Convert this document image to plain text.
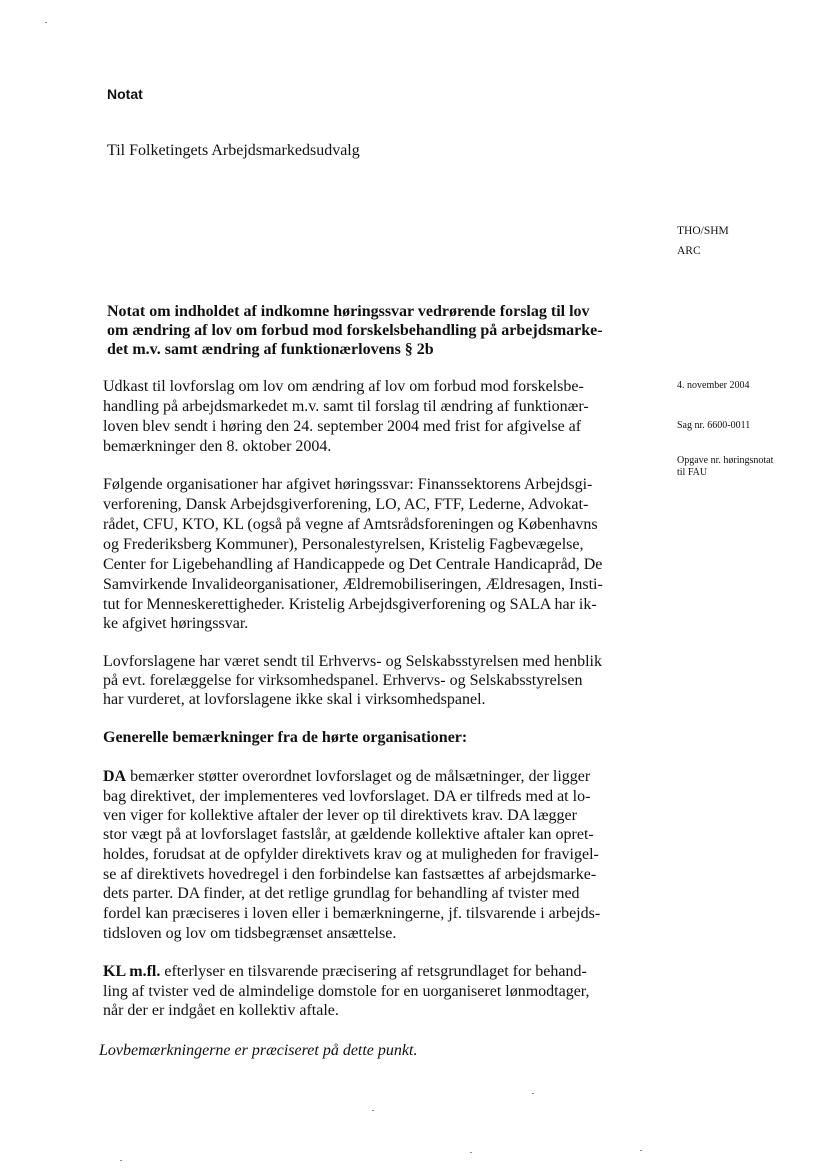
Notat
Til Folketingets Arbejdsmarkedsudvalg
THO/SHM
ARC
4. november 2004
Sag nr. 6600-0011
Opgave nr. høringsnotat
til FAU
Notat om indholdet af indkomne høringssvar vedrørende forslag til lov
om ændring af lov om forbud mod forskelsbehandling på arbejdsmarke-
det m.v. samt ændring af funktionærlovens § 2b
Udkast til lovforslag om lov om ændring af lov om forbud mod forskelsbe-
handling på arbejdsmarkedet m.v. samt til forslag til ændring af funktionær-
loven blev sendt i høring den 24. september 2004 med frist for afgivelse af
bemærkninger den 8. oktober 2004.
Følgende organisationer har afgivet høringssvar: Finanssektorens Arbejdsgi-
verforening, Dansk Arbejdsgiverforening, LO, AC, FTF, Lederne, Advokat-
rådet, CFU, KTO, KL (også på vegne af Amtsrådsforeningen og Københavns
og Frederiksberg Kommuner), Personalestyrelsen, Kristelig Fagbevægelse,
Center for Ligebehandling af Handicappede og Det Centrale Handicapråd, De
Samvirkende Invalideorganisationer, Ældremobiliseringen, Ældresagen, Insti-
tut for Menneskerettigheder. Kristelig Arbejdsgiverforening og SALA har ik-
ke afgivet høringssvar.
Lovforslagene har været sendt til Erhvervs- og Selskabsstyrelsen med henblik
på evt. forelæggelse for virksomhedspanel. Erhvervs- og Selskabsstyrelsen
har vurderet, at lovforslagene ikke skal i virksomhedspanel.
Generelle bemærkninger fra de hørte organisationer:
DA bemærker støtter overordnet lovforslaget og de målsætninger, der ligger
bag direktivet, der implementeres ved lovforslaget. DA er tilfreds med at lo-
ven viger for kollektive aftaler der lever op til direktivets krav. DA lægger
stor vægt på at lovforslaget fastslår, at gældende kollektive aftaler kan opret-
holdes, forudsat at de opfylder direktivets krav og at muligheden for fravigel-
se af direktivets hovedregel i den forbindelse kan fastsættes af arbejdsmarke-
dets parter. DA finder, at det retlige grundlag for behandling af tvister med
fordel kan præciseres i loven eller i bemærkningerne, jf. tilsvarende i arbejds-
tidsloven og lov om tidsbegrænset ansættelse.
KL m.fl. efterlyser en tilsvarende præcisering af retsgrundlaget for behand-
ling af tvister ved de almindelige domstole for en uorganiseret lønmodtager,
når der er indgået en kollektiv aftale.
Lovbemærkningerne er præciseret på dette punkt.
